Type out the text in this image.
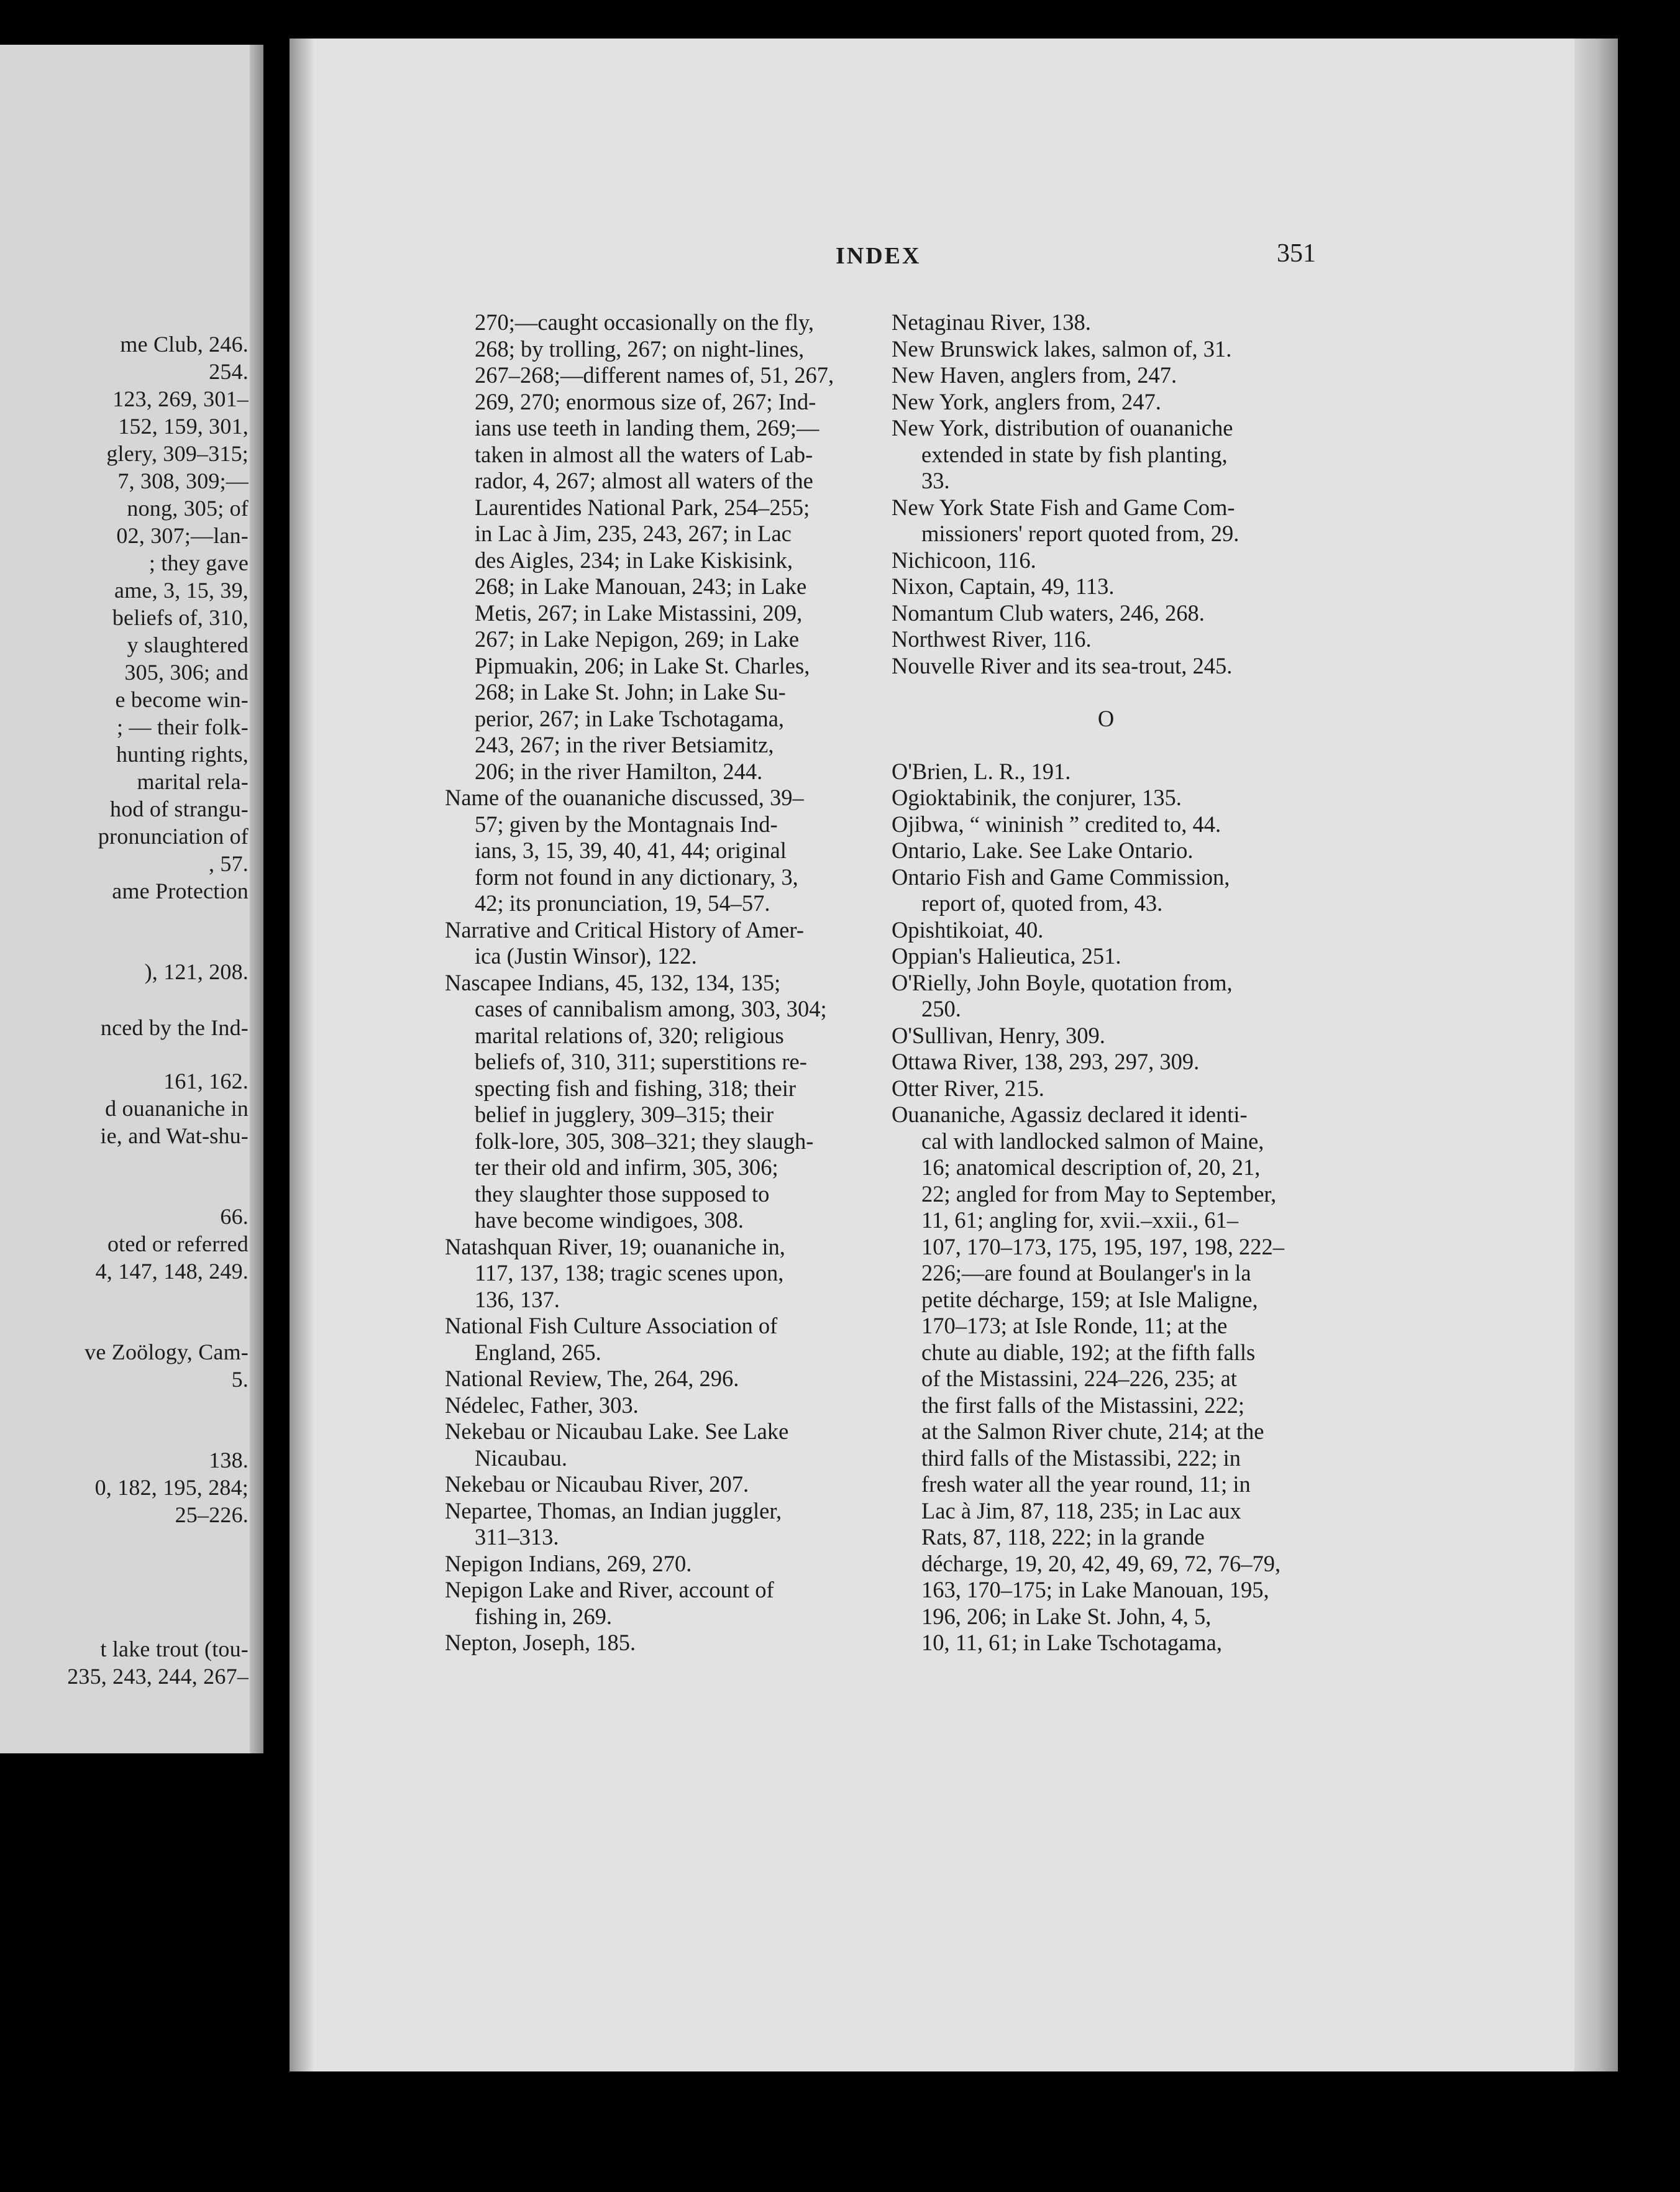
me Club, 246.
254.
123, 269, 301–
152, 159, 301,
glery, 309–315;
7, 308, 309;—
nong, 305; of
02, 307;—lan-
; they gave
ame, 3, 15, 39,
beliefs of, 310,
y slaughtered
305, 306; and
e become win-
; — their folk-
hunting rights,
marital rela-
hod of strangu-
pronunciation of
, 57.
ame Protection
), 121, 208.
nced by the Ind-
161, 162.
d ouananiche in
ie, and Wat-shu-
66.
oted or referred
4, 147, 148, 249.
ve Zoölogy, Cam-
5.
138.
0, 182, 195, 284;
25–226.
t lake trout (tou-
235, 243, 244, 267–
INDEX	351
270;—caught occasionally on the fly,
268; by trolling, 267; on night-lines,
267–268;—different names of, 51, 267,
269, 270; enormous size of, 267; Ind-
ians use teeth in landing them, 269;—
taken in almost all the waters of Lab-
rador, 4, 267; almost all waters of the
Laurentides National Park, 254–255;
in Lac à Jim, 235, 243, 267; in Lac
des Aigles, 234; in Lake Kiskisink,
268; in Lake Manouan, 243; in Lake
Metis, 267; in Lake Mistassini, 209,
267; in Lake Nepigon, 269; in Lake
Pipmuakin, 206; in Lake St. Charles,
268; in Lake St. John; in Lake Su-
perior, 267; in Lake Tschotagama,
243, 267; in the river Betsiamitz,
206; in the river Hamilton, 244.
Name of the ouananiche discussed, 39–
57; given by the Montagnais Ind-
ians, 3, 15, 39, 40, 41, 44; original
form not found in any dictionary, 3,
42; its pronunciation, 19, 54–57.
Narrative and Critical History of Amer-
ica (Justin Winsor), 122.
Nascapee Indians, 45, 132, 134, 135;
cases of cannibalism among, 303, 304;
marital relations of, 320; religious
beliefs of, 310, 311; superstitions re-
specting fish and fishing, 318; their
belief in jugglery, 309–315; their
folk-lore, 305, 308–321; they slaugh-
ter their old and infirm, 305, 306;
they slaughter those supposed to
have become windigoes, 308.
Natashquan River, 19; ouananiche in,
117, 137, 138; tragic scenes upon,
136, 137.
National Fish Culture Association of
England, 265.
National Review, The, 264, 296.
Nédelec, Father, 303.
Nekebau or Nicaubau Lake. See Lake
Nicaubau.
Nekebau or Nicaubau River, 207.
Nepartee, Thomas, an Indian juggler,
311–313.
Nepigon Indians, 269, 270.
Nepigon Lake and River, account of
fishing in, 269.
Nepton, Joseph, 185.
Netaginau River, 138.
New Brunswick lakes, salmon of, 31.
New Haven, anglers from, 247.
New York, anglers from, 247.
New York, distribution of ouananiche
extended in state by fish planting,
33.
New York State Fish and Game Com-
missioners' report quoted from, 29.
Nichicoon, 116.
Nixon, Captain, 49, 113.
Nomantum Club waters, 246, 268.
Northwest River, 116.
Nouvelle River and its sea-trout, 245.
O
O'Brien, L. R., 191.
Ogioktabinik, the conjurer, 135.
Ojibwa, “ wininish ” credited to, 44.
Ontario, Lake. See Lake Ontario.
Ontario Fish and Game Commission,
report of, quoted from, 43.
Opishtikoiat, 40.
Oppian's Halieutica, 251.
O'Rielly, John Boyle, quotation from,
250.
O'Sullivan, Henry, 309.
Ottawa River, 138, 293, 297, 309.
Otter River, 215.
Ouananiche, Agassiz declared it identi-
cal with landlocked salmon of Maine,
16; anatomical description of, 20, 21,
22; angled for from May to September,
11, 61; angling for, xvii.–xxii., 61–
107, 170–173, 175, 195, 197, 198, 222–
226;—are found at Boulanger's in la
petite décharge, 159; at Isle Maligne,
170–173; at Isle Ronde, 11; at the
chute au diable, 192; at the fifth falls
of the Mistassini, 224–226, 235; at
the first falls of the Mistassini, 222;
at the Salmon River chute, 214; at the
third falls of the Mistassibi, 222; in
fresh water all the year round, 11; in
Lac à Jim, 87, 118, 235; in Lac aux
Rats, 87, 118, 222; in la grande
décharge, 19, 20, 42, 49, 69, 72, 76–79,
163, 170–175; in Lake Manouan, 195,
196, 206; in Lake St. John, 4, 5,
10, 11, 61; in Lake Tschotagama,
